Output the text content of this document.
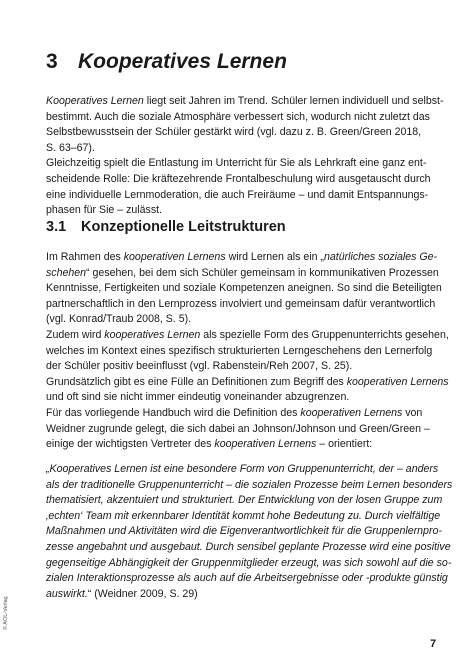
3 Kooperatives Lernen

Kooperatives Lernen liegt seit Jahren im Trend. Schüler lernen individuell und selbst-
bestimmt. Auch die soziale Atmosphäre verbessert sich, wodurch nicht zuletzt das
Selbstbewusstsein der Schüler gestärkt wird (vgl. dazu z. B. Green/Green 2018,
S. 63–67).
Gleichzeitig spielt die Entlastung im Unterricht für Sie als Lehrkraft eine ganz ent-
scheidende Rolle: Die kräftezehrende Frontalbeschulung wird ausgetauscht durch
eine individuelle Lernmoderation, die auch Freiräume – und damit Entspannungs-
phasen für Sie – zulässt.

3.1 Konzeptionelle Leitstrukturen

Im Rahmen des kooperativen Lernens wird Lernen als ein „natürliches soziales Ge-
schehen“ gesehen, bei dem sich Schüler gemeinsam in kommunikativen Prozessen
Kenntnisse, Fertigkeiten und soziale Kompetenzen aneignen. So sind die Beteiligten
partnerschaftlich in den Lernprozess involviert und gemeinsam dafür verantwortlich
(vgl. Konrad/Traub 2008, S. 5).
Zudem wird kooperatives Lernen als spezielle Form des Gruppenunterrichts gesehen,
welches im Kontext eines spezifisch strukturierten Lerngeschehens den Lernerfolg
der Schüler positiv beeinflusst (vgl. Rabenstein/Reh 2007, S. 25).
Grundsätzlich gibt es eine Fülle an Definitionen zum Begriff des kooperativen Lernens
und oft sind sie nicht immer eindeutig voneinander abzugrenzen.
Für das vorliegende Handbuch wird die Definition des kooperativen Lernens von
Weidner zugrunde gelegt, die sich dabei an Johnson/Johnson und Green/Green –
einige der wichtigsten Vertreter des kooperativen Lernens – orientiert:

„Kooperatives Lernen ist eine besondere Form von Gruppenunterricht, der – anders
als der traditionelle Gruppenunterricht – die sozialen Prozesse beim Lernen besonders
thematisiert, akzentuiert und strukturiert. Der Entwicklung von der losen Gruppe zum
‚echten‘ Team mit erkennbarer Identität kommt hohe Bedeutung zu. Durch vielfältige
Maßnahmen und Aktivitäten wird die Eigenverantwortlichkeit für die Gruppenlernpro-
zesse angebahnt und ausgebaut. Durch sensibel geplante Prozesse wird eine positive
gegenseitige Abhängigkeit der Gruppenmitglieder erzeugt, was sich sowohl auf die so-
zialen Interaktionsprozesse als auch auf die Arbeitsergebnisse oder -produkte günstig
auswirkt.“ (Weidner 2009, S. 29)

© AOL-Verlag
7
